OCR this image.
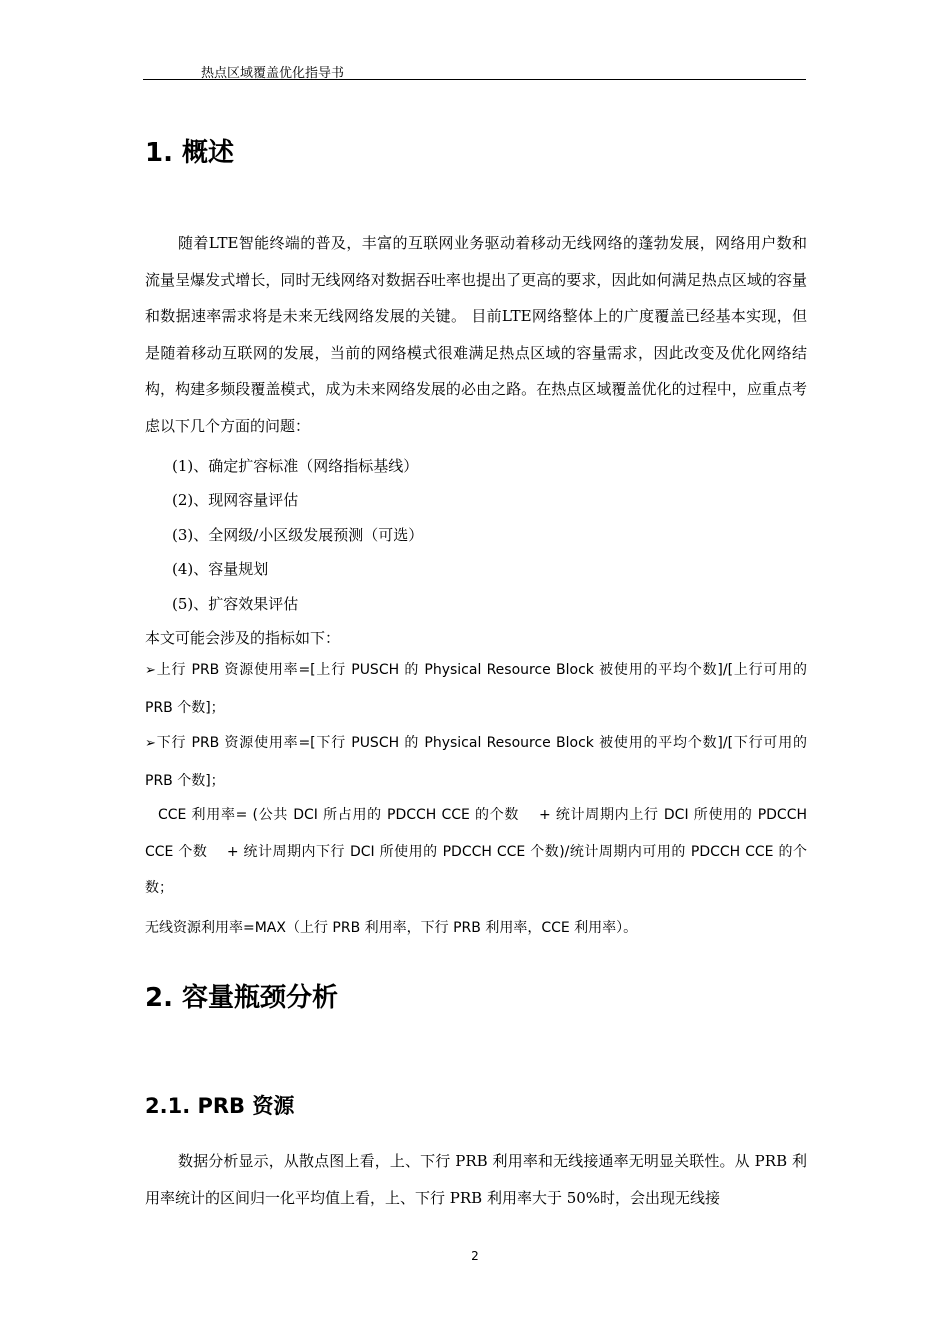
热点区域覆盖优化指导书
1. 概述

随着LTE智能终端的普及，丰富的互联网业务驱动着移动无线网络的蓬勃发展，网络用户数和流量呈爆发式增长，同时无线网络对数据吞吐率也提出了更高的要求，因此如何满足热点区域的容量和数据速率需求将是未来无线网络发展的关键。 目前LTE网络整体上的广度覆盖已经基本实现，但是随着移动互联网的发展，当前的网络模式很难满足热点区域的容量需求，因此改变及优化网络结构，构建多频段覆盖模式，成为未来网络发展的必由之路。在热点区域覆盖优化的过程中，应重点考虑以下几个方面的问题：

(1)、确定扩容标准（网络指标基线）
(2)、现网容量评估
(3)、全网级/小区级发展预测（可选）
(4)、容量规划
(5)、扩容效果评估
本文可能会涉及的指标如下：

➢上行 PRB 资源使用率=[上行 PUSCH 的 Physical Resource Block 被使用的平均个数]/[上行可用的 PRB 个数]；

➢下行 PRB 资源使用率=[下行 PUSCH 的 Physical Resource Block 被使用的平均个数]/[下行可用的 PRB 个数]；

CCE 利用率= (公共 DCI 所占用的 PDCCH CCE 的个数　 + 统计周期内上行 DCI 所使用的 PDCCH CCE 个数　 + 统计周期内下行 DCI 所使用的 PDCCH CCE 个数)/统计周期内可用的 PDCCH CCE 的个数；

无线资源利用率=MAX（上行 PRB 利用率，下行 PRB 利用率，CCE 利用率）。
2. 容量瓶颈分析
2.1. PRB 资源

数据分析显示，从散点图上看，上、下行 PRB 利用率和无线接通率无明显关联性。从 PRB 利用率统计的区间归一化平均值上看，上、下行 PRB 利用率大于 50%时，会出现无线接

2
